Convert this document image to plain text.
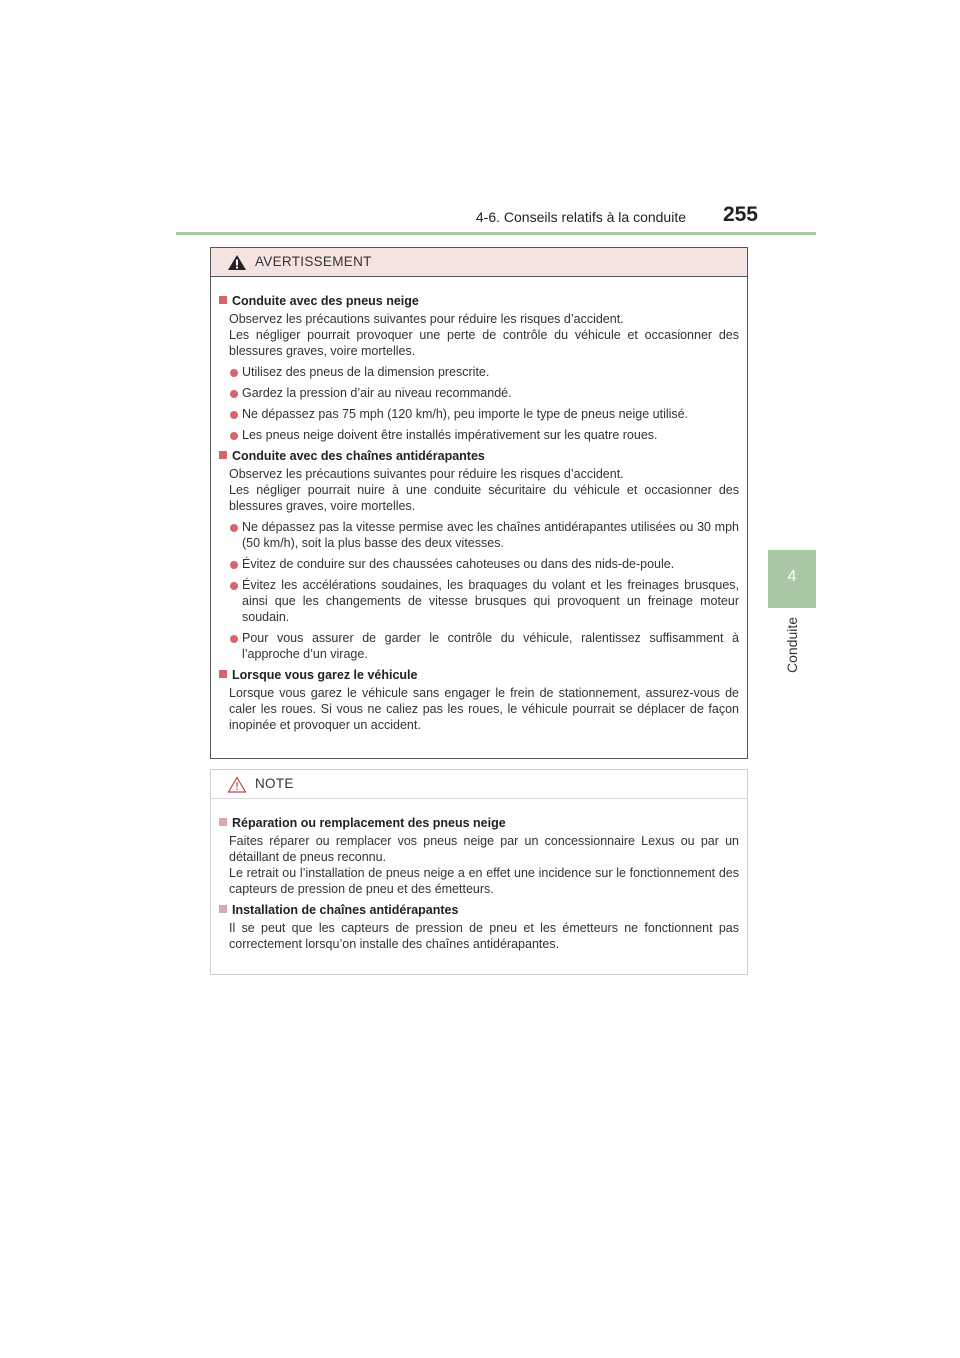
4-6. Conseils relatifs à la conduite 255
4
Conduite
AVERTISSEMENT
Conduite avec des pneus neige
Observez les précautions suivantes pour réduire les risques d’accident.
Les négliger pourrait provoquer une perte de contrôle du véhicule et occasionner des blessures graves, voire mortelles.
Utilisez des pneus de la dimension prescrite.
Gardez la pression d’air au niveau recommandé.
Ne dépassez pas 75 mph (120 km/h), peu importe le type de pneus neige utilisé.
Les pneus neige doivent être installés impérativement sur les quatre roues.
Conduite avec des chaînes antidérapantes
Observez les précautions suivantes pour réduire les risques d’accident.
Les négliger pourrait nuire à une conduite sécuritaire du véhicule et occasionner des blessures graves, voire mortelles.
Ne dépassez pas la vitesse permise avec les chaînes antidérapantes utilisées ou 30 mph (50 km/h), soit la plus basse des deux vitesses.
Évitez de conduire sur des chaussées cahoteuses ou dans des nids-de-poule.
Évitez les accélérations soudaines, les braquages du volant et les freinages brusques, ainsi que les changements de vitesse brusques qui provoquent un freinage moteur soudain.
Pour vous assurer de garder le contrôle du véhicule, ralentissez suffisamment à l’approche d’un virage.
Lorsque vous garez le véhicule
Lorsque vous garez le véhicule sans engager le frein de stationnement, assurez-vous de caler les roues. Si vous ne caliez pas les roues, le véhicule pourrait se déplacer de façon inopinée et provoquer un accident.
NOTE
Réparation ou remplacement des pneus neige
Faites réparer ou remplacer vos pneus neige par un concessionnaire Lexus ou par un détaillant de pneus reconnu.
Le retrait ou l’installation de pneus neige a en effet une incidence sur le fonctionnement des capteurs de pression de pneu et des émetteurs.
Installation de chaînes antidérapantes
Il se peut que les capteurs de pression de pneu et les émetteurs ne fonctionnent pas correctement lorsqu’on installe des chaînes antidérapantes.
